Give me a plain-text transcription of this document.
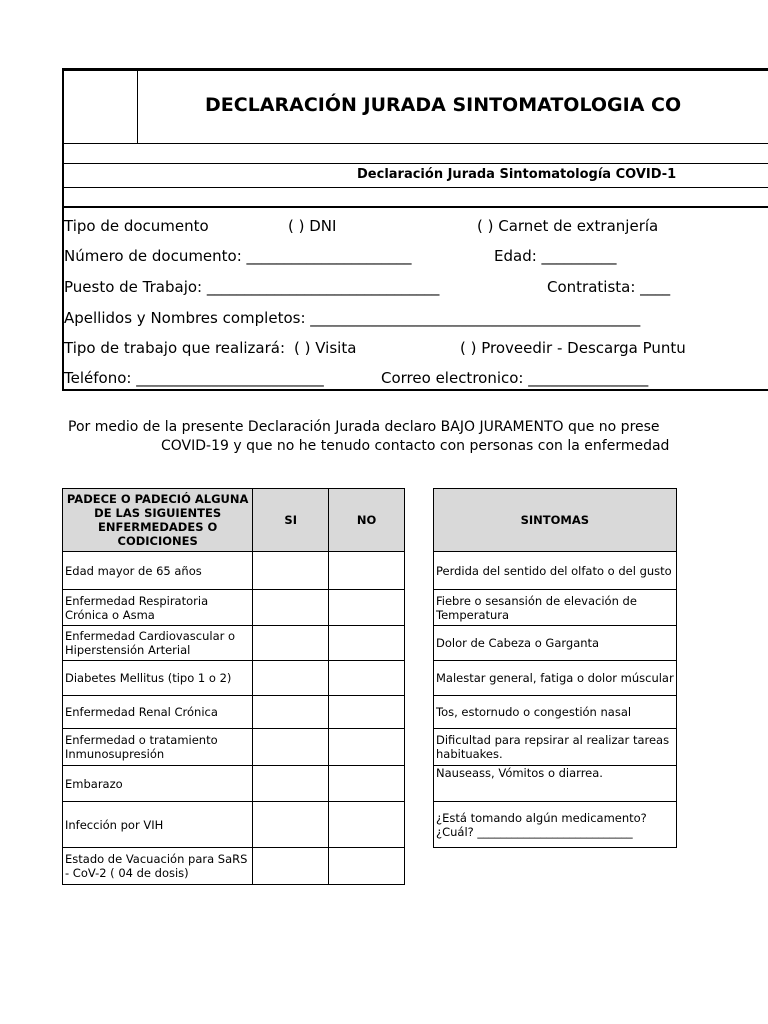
DECLARACIÓN JURADA SINTOMATOLOGIA CO
Declaración Jurada Sintomatología COVID-1
Tipo de documento	( ) DNI	( ) Carnet de extranjería
Número de documento: ______________________	Edad: __________
Puesto de Trabajo: _______________________________	Contratista: ____
Apellidos y Nombres completos: ____________________________________________
Tipo de trabajo que realizará: ( ) Visita	( ) Proveedir - Descarga Puntu
Teléfono: _________________________	Correo electronico: ________________
Por medio de la presente Declaración Jurada declaro BAJO JURAMENTO que no prese
COVID-19 y que no he tenudo contacto con personas con la enfermedad
PADECE O PADECIÓ ALGUNA DE LAS SIGUIENTES ENFERMEDADES O CODICIONES	SI	NO
Edad mayor de 65 años		
Enfermedad Respiratoria Crónica o Asma		
Enfermedad Cardiovascular o Hiperstensión Arterial		
Diabetes Mellitus (tipo 1 o 2)		
Enfermedad Renal Crónica		
Enfermedad o tratamiento Inmunosupresión		
Embarazo		
Infección por VIH		
Estado de Vacuación para SaRS - CoV-2 ( 04 de dosis)		
SINTOMAS
Perdida del sentido del olfato o del gusto
Fiebre o sesansión de elevación de Temperatura
Dolor de Cabeza o Garganta
Malestar general, fatiga o dolor múscular
Tos, estornudo o congestión nasal
Dificultad para repsirar al realizar tareas habituakes.
Nauseass, Vómitos o diarrea.
¿Está tomando algún medicamento? ¿Cuál? ___________________________
